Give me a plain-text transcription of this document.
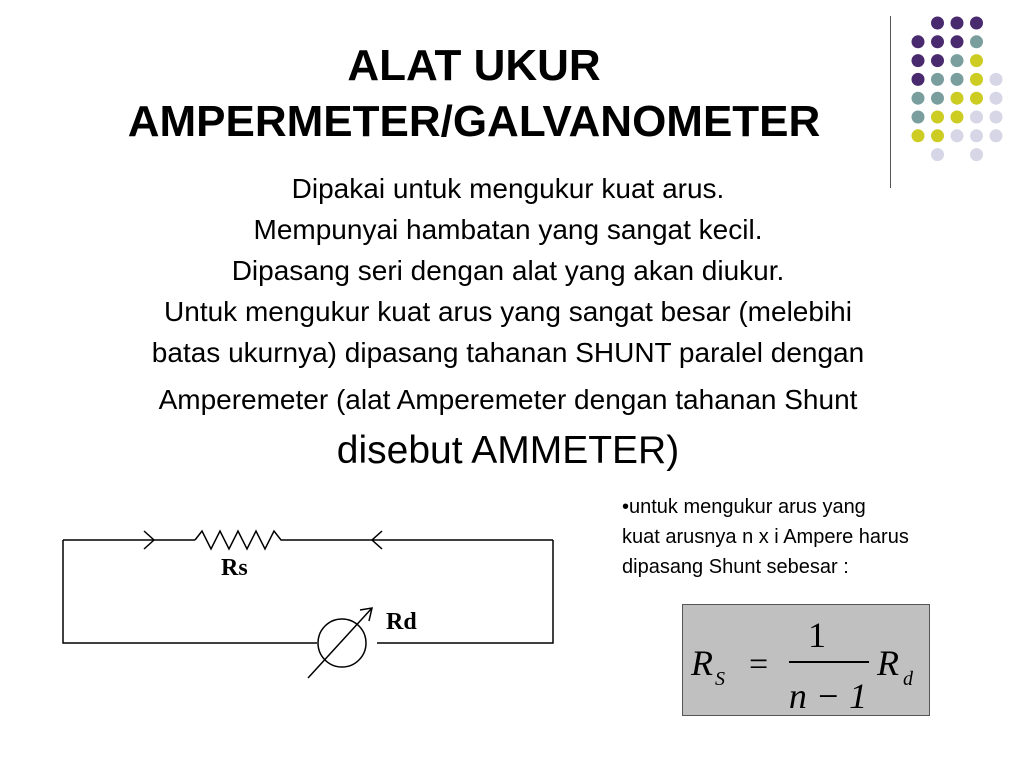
ALAT UKUR
AMPERMETER/GALVANOMETER
Dipakai untuk mengukur kuat arus.
Mempunyai hambatan yang sangat kecil.
Dipasang seri dengan alat yang akan diukur.
Untuk mengukur kuat arus yang sangat besar (melebihi
batas ukurnya) dipasang tahanan SHUNT paralel dengan
Amperemeter (alat Amperemeter dengan tahanan Shunt
disebut AMMETER)
Rs
Rd
•untuk mengukur arus yang
kuat arusnya n x i Ampere harus
dipasang Shunt sebesar :
R S =
1
n − 1
R d
